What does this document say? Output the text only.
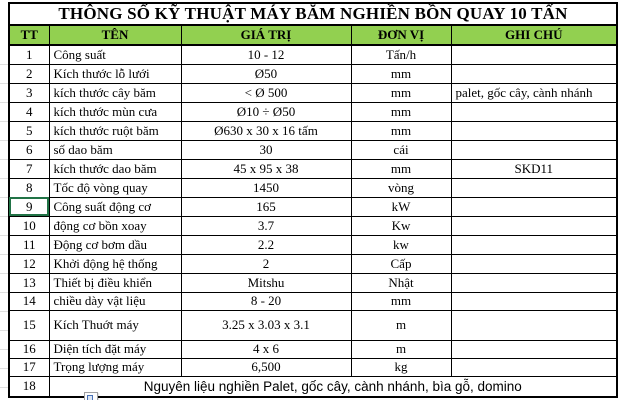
THÔNG SỐ KỸ THUẬT MÁY BĂM NGHIỀN BỒN QUAY 10 TẤN				
TT	TÊN	GIÁ TRỊ	ĐƠN VỊ	GHI CHÚ
1	Công suất	10 - 12	Tấn/h	
2	Kích thước lỗ lưới	Ø50	mm	
3	kích thước cây băm	< Ø 500	mm	palet, gốc cây, cành nhánh
4	kích thước mùn cưa	Ø10 ÷ Ø50	mm	
5	kích thước ruột băm	Ø630 x 30 x 16 tấm	mm	
6	số dao băm	30	cái	
7	kích thước dao băm	45 x 95 x 38	mm	SKD11
8	Tốc độ vòng quay	1450	vòng	
9	Công suất động cơ	165	kW	
10	động cơ bồn xoay	3.7	Kw	
11	Động cơ bơm dầu	2.2	kw	
12	Khởi động hệ thống	2	Cấp	
13	Thiết bị điều khiển	Mitshu	Nhật	
14	chiều dày vật liệu	8 - 20	mm	
15	Kích Thuớt máy	3.25 x 3.03 x 3.1	m	
16	Diện tích đặt máy	4 x 6	m	
17	Trọng lượng máy	6,500	kg	
18	Nguyên liệu nghiền Palet, gốc cây, cành nhánh, bìa gỗ, domino			
